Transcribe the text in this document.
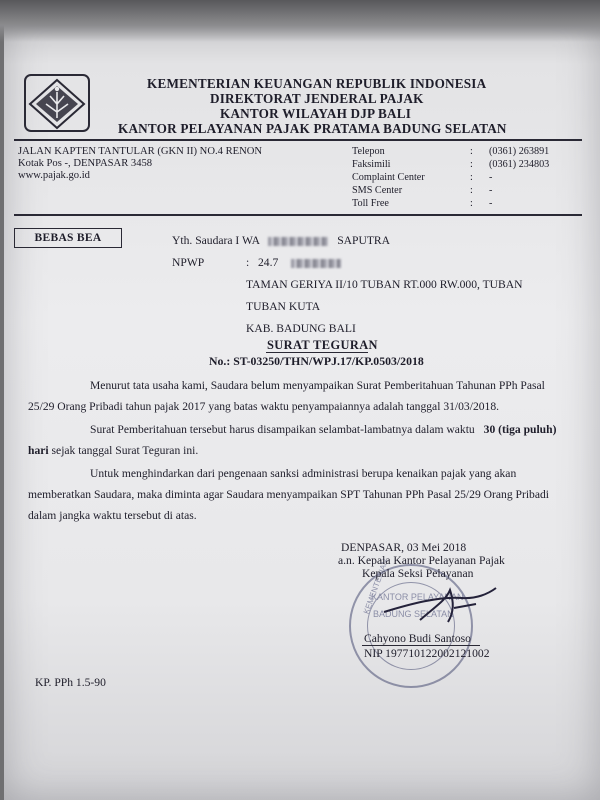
KEMENTERIAN KEUANGAN REPUBLIK INDONESIA
DIREKTORAT JENDERAL PAJAK
KANTOR WILAYAH DJP BALI
KANTOR PELAYANAN PAJAK PRATAMA BADUNG SELATAN
JALAN KAPTEN TANTULAR (GKN II) NO.4 RENON
Kotak Pos -, DENPASAR 3458
www.pajak.go.id
Telepon	: (0361) 263891
Faksimili	: (0361) 234803
Complaint Center	: -
SMS Center	: -
Toll Free	: -
BEBAS BEA	Yth. Saudara I WA	SAPUTRA
NPWP	: 24.7
TAMAN GERIYA II/10 TUBAN RT.000 RW.000, TUBAN
TUBAN KUTA
KAB. BADUNG BALI
SURAT TEGURAN
No.: ST-03250/THN/WPJ.17/KP.0503/2018
Menurut tata usaha kami, Saudara belum menyampaikan Surat Pemberitahuan Tahunan PPh Pasal
25/29 Orang Pribadi tahun pajak 2017 yang batas waktu penyampaiannya adalah tanggal 31/03/2018.
Surat Pemberitahuan tersebut harus disampaikan selambat-lambatnya dalam waktu 30 (tiga puluh)
hari sejak tanggal Surat Teguran ini.
Untuk menghindarkan dari pengenaan sanksi administrasi berupa kenaikan pajak yang akan
memberatkan Saudara, maka diminta agar Saudara menyampaikan SPT Tahunan PPh Pasal 25/29 Orang Pribadi
dalam jangka waktu tersebut di atas.
KANTOR PELAYANAN
BADUNG SELATAN
KEMENTERIAN
DENPASAR, 03 Mei 2018
a.n. Kepala Kantor Pelayanan Pajak
Kepala Seksi Pelayanan
Cahyono Budi Santoso
NIP 197710122002121002
KP. PPh 1.5-90
